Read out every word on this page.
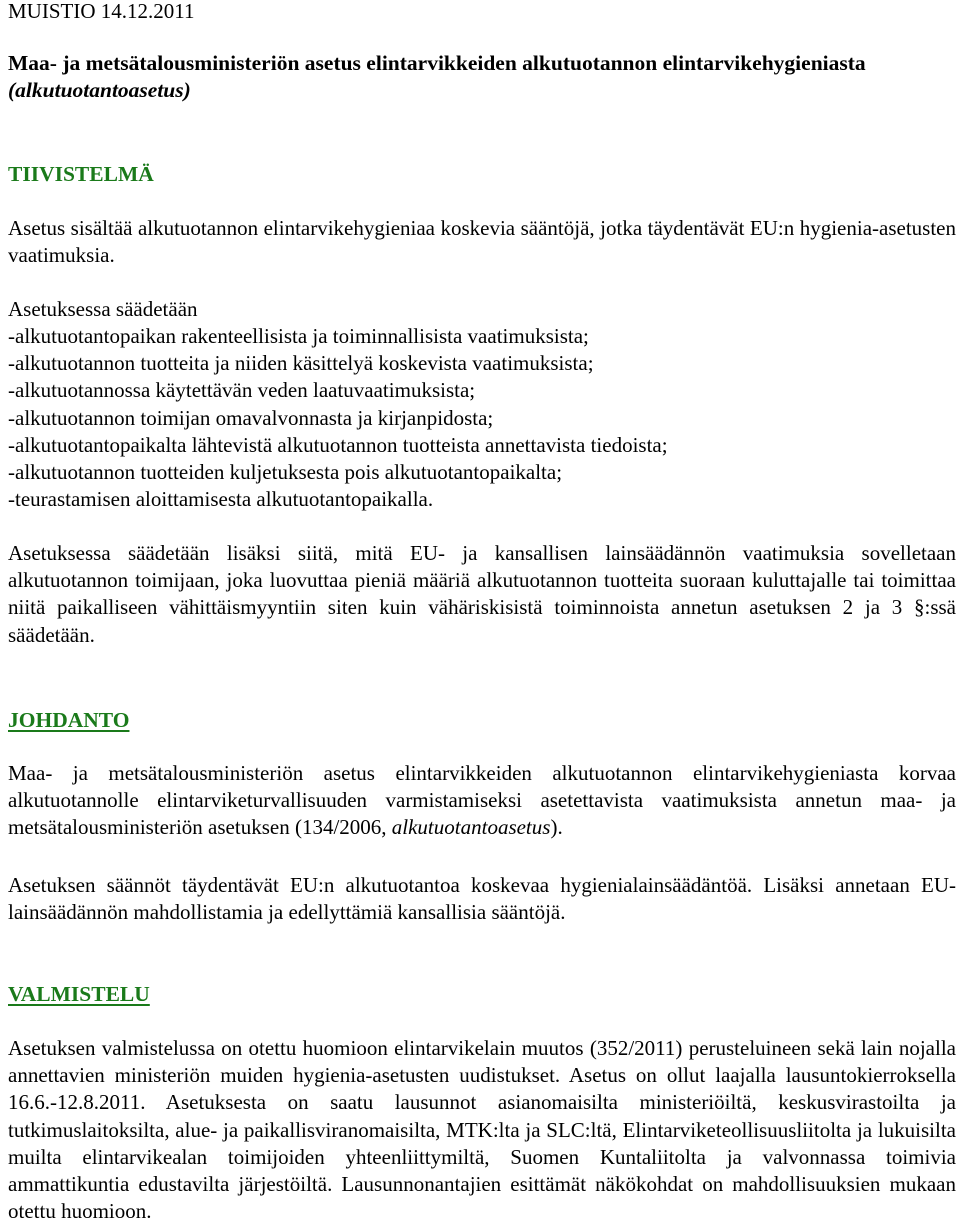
MUISTIO 14.12.2011
Maa- ja metsätalousministeriön asetus elintarvikkeiden alkutuotannon elintarvikehygieniasta
(alkutuotantoasetus)
TIIVISTELMÄ

Asetus sisältää alkutuotannon elintarvikehygieniaa koskevia sääntöjä, jotka täydentävät EU:n hygienia-asetusten vaatimuksia.

Asetuksessa säädetään

-alkutuotantopaikan rakenteellisista ja toiminnallisista vaatimuksista;

-alkutuotannon tuotteita ja niiden käsittelyä koskevista vaatimuksista;

-alkutuotannossa käytettävän veden laatuvaatimuksista;

-alkutuotannon toimijan omavalvonnasta ja kirjanpidosta;

-alkutuotantopaikalta lähtevistä alkutuotannon tuotteista annettavista tiedoista;

-alkutuotannon tuotteiden kuljetuksesta pois alkutuotantopaikalta;

-teurastamisen aloittamisesta alkutuotantopaikalla.

Asetuksessa säädetään lisäksi siitä, mitä EU- ja kansallisen lainsäädännön vaatimuksia sovelletaan alkutuotannon toimijaan, joka luovuttaa pieniä määriä alkutuotannon tuotteita suoraan kuluttajalle tai toimittaa niitä paikalliseen vähittäismyyntiin siten kuin vähäriskisistä toiminnoista annetun asetuksen 2 ja 3 §:ssä säädetään.

JOHDANTO

Maa- ja metsätalousministeriön asetus elintarvikkeiden alkutuotannon elintarvikehygieniasta korvaa alkutuotannolle elintarviketurvallisuuden varmistamiseksi asetettavista vaatimuksista annetun maa- ja metsätalousministeriön asetuksen (134/2006, alkutuotantoasetus).

Asetuksen säännöt täydentävät EU:n alkutuotantoa koskevaa hygienialainsäädäntöä. Lisäksi annetaan EU-lainsäädännön mahdollistamia ja edellyttämiä kansallisia sääntöjä.

VALMISTELU

Asetuksen valmistelussa on otettu huomioon elintarvikelain muutos (352/2011) perusteluineen sekä lain nojalla annettavien ministeriön muiden hygienia-asetusten uudistukset. Asetus on ollut laajalla lausuntokierroksella 16.6.-12.8.2011. Asetuksesta on saatu lausunnot asianomaisilta ministeriöiltä, keskusvirastoilta ja tutkimuslaitoksilta, alue- ja paikallisviranomaisilta, MTK:lta ja SLC:ltä, Elintarviketeollisuusliitolta ja lukuisilta muilta elintarvikealan toimijoiden yhteenliittymiltä, Suomen Kuntaliitolta ja valvonnassa toimivia ammattikuntia edustavilta järjestöiltä. Lausunnonantajien esittämät näkökohdat on mahdollisuuksien mukaan otettu huomioon.
